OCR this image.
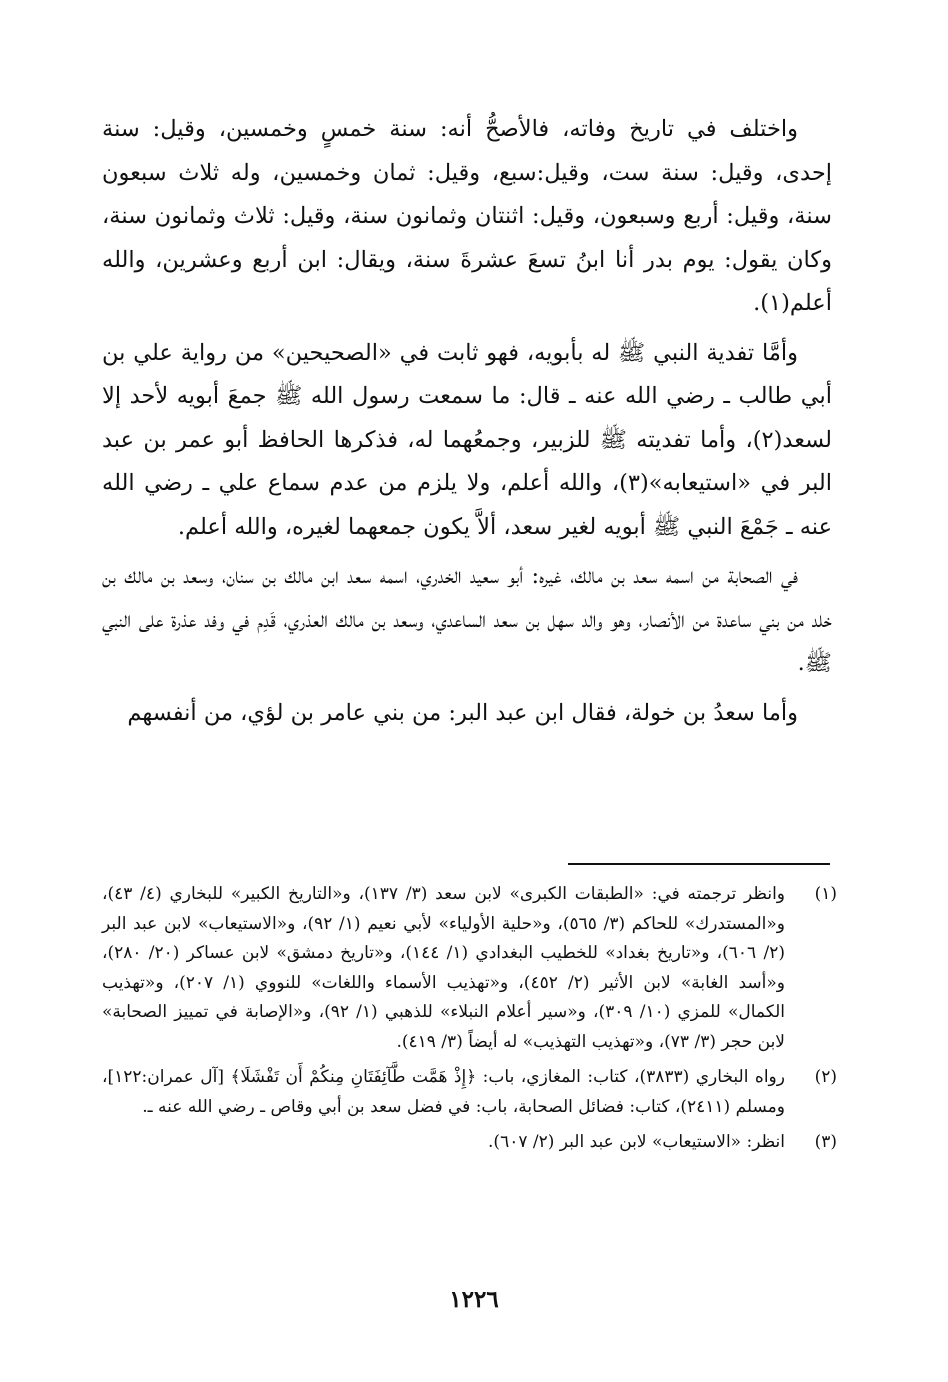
واختلف في تاريخ وفاته، فالأصحُّ أنه: سنة خمسٍ وخمسين، وقيل: سنة إحدى، وقيل: سنة ست، وقيل:سبع، وقيل: ثمان وخمسين، وله ثلاث سبعون سنة، وقيل: أربع وسبعون، وقيل: اثنتان وثمانون سنة، وقيل: ثلاث وثمانون سنة، وكان يقول: يوم بدر أنا ابنُ تسعَ عشرةَ سنة، ويقال: ابن أربع وعشرين، والله أعلم(١).

وأمَّا تفدية النبي ﷺ له بأبويه، فهو ثابت في «الصحيحين» من رواية علي بن أبي طالب ـ رضي الله عنه ـ قال: ما سمعت رسول الله ﷺ جمعَ أبويه لأحد إلا لسعد(٢)، وأما تفديته ﷺ للزبير، وجمعُهما له، فذكرها الحافظ أبو عمر بن عبد البر في «استيعابه»(٣)، والله أعلم، ولا يلزم من عدم سماع علي ـ رضي الله عنه ـ جَمْعَ النبي ﷺ أبويه لغير سعد، ألاَّ يكون جمعهما لغيره، والله أعلم.

في الصحابة من اسمه سعد بن مالك، غيره: أبو سعيد الخدري، اسمه سعد ابن مالك بن سنان، وسعد بن مالك بن خلد من بني ساعدة من الأنصار، وهو والد سهل بن سعد الساعدي، وسعد بن مالك العذري، قَدِم في وفد عذرة على النبي ﷺ.

وأما سعدُ بن خولة، فقال ابن عبد البر: من بني عامر بن لؤي، من أنفسهم

(١)
وانظر ترجمته في: «الطبقات الكبرى» لابن سعد (٣/ ١٣٧)، و«التاريخ الكبير» للبخاري (٤/ ٤٣)، و«المستدرك» للحاكم (٣/ ٥٦٥)، و«حلية الأولياء» لأبي نعيم (١/ ٩٢)، و«الاستيعاب» لابن عبد البر (٢/ ٦٠٦)، و«تاريخ بغداد» للخطيب البغدادي (١/ ١٤٤)، و«تاريخ دمشق» لابن عساكر (٢٠/ ٢٨٠)، و«أسد الغابة» لابن الأثير (٢/ ٤٥٢)، و«تهذيب الأسماء واللغات» للنووي (١/ ٢٠٧)، و«تهذيب الكمال» للمزي (١٠/ ٣٠٩)، و«سير أعلام النبلاء» للذهبي (١/ ٩٢)، و«الإصابة في تمييز الصحابة» لابن حجر (٣/ ٧٣)، و«تهذيب التهذيب» له أيضاً (٣/ ٤١٩).
(٢)
رواه البخاري (٣٨٣٣)، كتاب: المغازي، باب: ﴿إِذْ هَمَّت طَّآئِفَتَانِ مِنكُمْ أَن تَفْشَلَا﴾ [آل عمران:١٢٢]، ومسلم (٢٤١١)، كتاب: فضائل الصحابة، باب: في فضل سعد بن أبي وقاص ـ رضي الله عنه ـ.
(٣)
انظر: «الاستيعاب» لابن عبد البر (٢/ ٦٠٧).
١٢٢٦
